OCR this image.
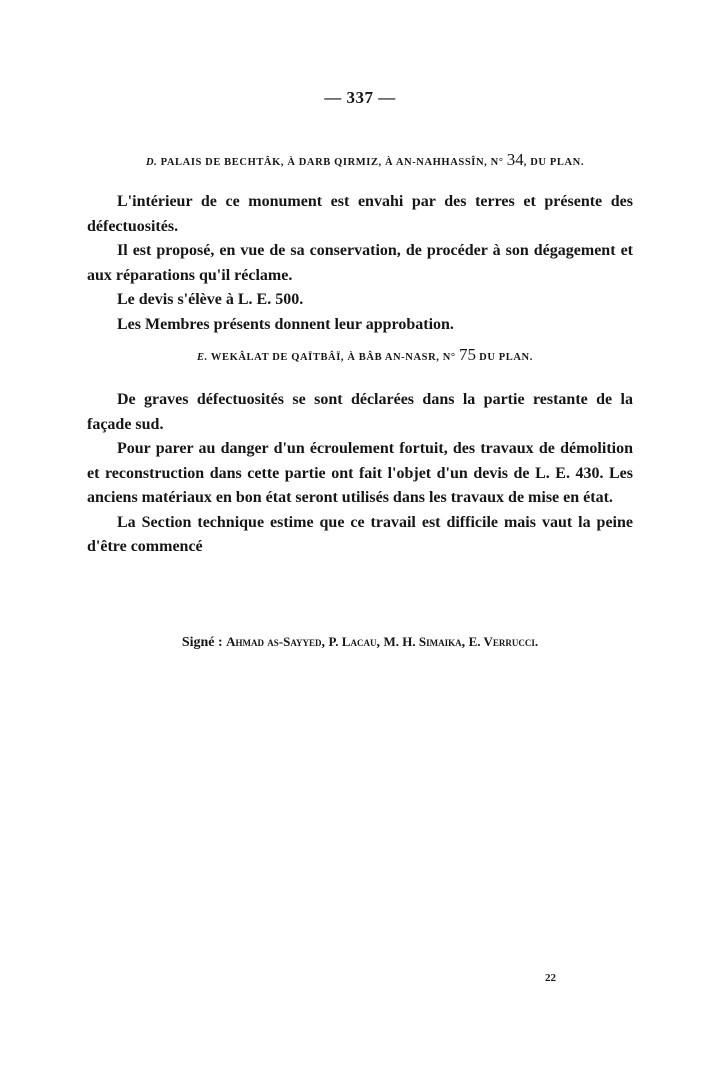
— 337 —
D. PALAIS DE BECHTÂK, À DARB QIRMIZ, À AN-NAHHASSÎN, N° 34, DU PLAN.

L'intérieur de ce monument est envahi par des terres et présente des défectuosités.

Il est proposé, en vue de sa conservation, de procéder à son dégagement et aux réparations qu'il réclame.

Le devis s'élève à L. E. 500.

Les Membres présents donnent leur approbation.

E. WEKÂLAT DE QAÏTBÂÏ, À BÂB AN-NASR, N° 75 DU PLAN.

De graves défectuosités se sont déclarées dans la partie restante de la façade sud.

Pour parer au danger d'un écroulement fortuit, des travaux de démolition et reconstruction dans cette partie ont fait l'objet d'un devis de L. E. 430. Les anciens matériaux en bon état seront utilisés dans les travaux de mise en état.

La Section technique estime que ce travail est difficile mais vaut la peine d'être commencé

Signé : Ahmad as-Sayyed, P. Lacau, M. H. Simaika, E. Verrucci.
22
